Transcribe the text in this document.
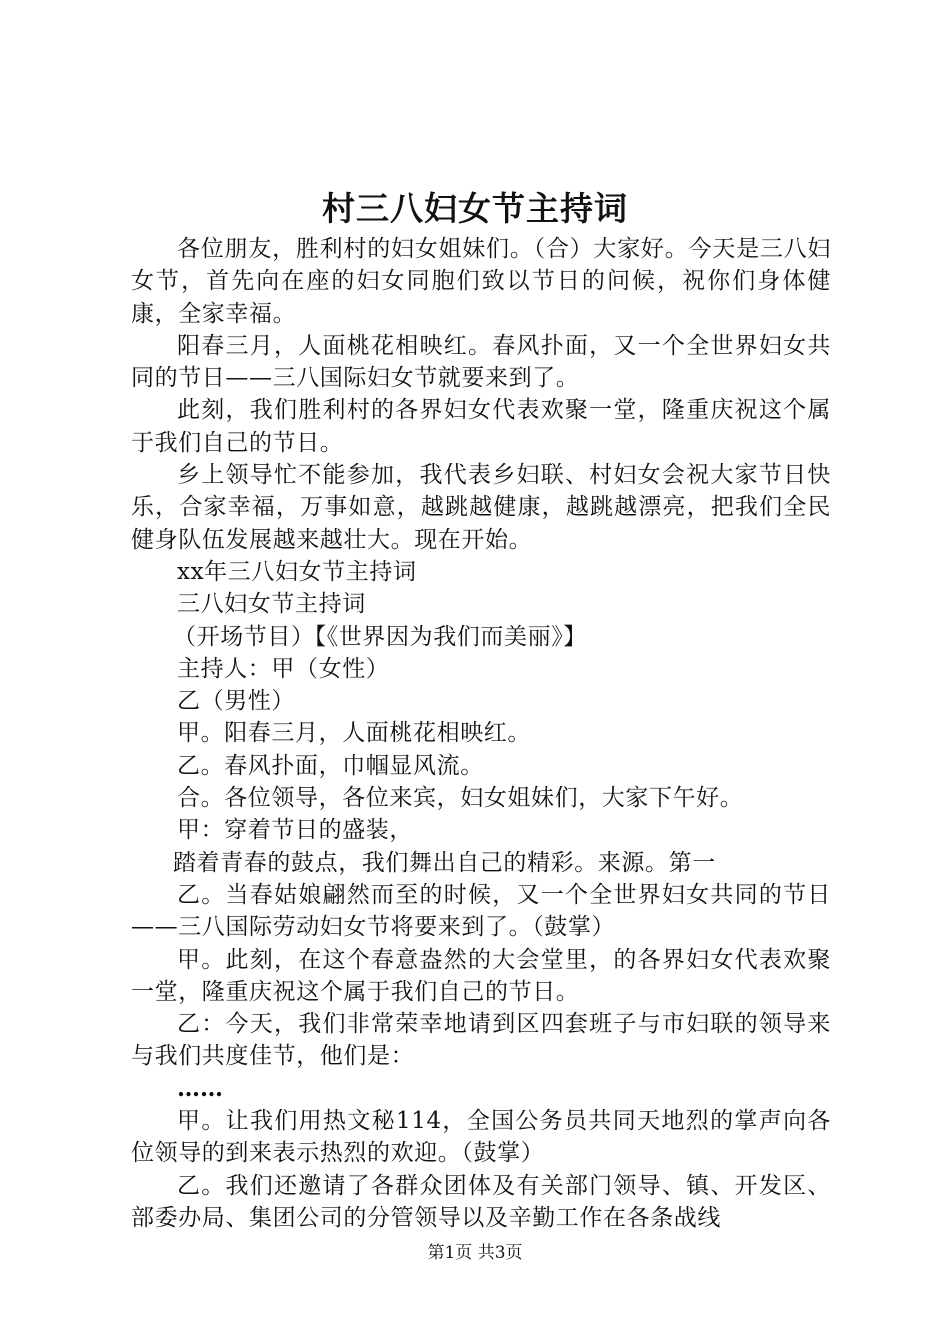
村三八妇女节主持词

各位朋友，胜利村的妇女姐妹们。（合）大家好。今天是三八妇女节，首先向在座的妇女同胞们致以节日的问候，祝你们身体健康，全家幸福。

阳春三月，人面桃花相映红。春风扑面，又一个全世界妇女共同的节日——三八国际妇女节就要来到了。

此刻，我们胜利村的各界妇女代表欢聚一堂，隆重庆祝这个属于我们自己的节日。

乡上领导忙不能参加，我代表乡妇联、村妇女会祝大家节日快乐，合家幸福，万事如意，越跳越健康，越跳越漂亮，把我们全民健身队伍发展越来越壮大。现在开始。

xx年三八妇女节主持词

三八妇女节主持词

（开场节目）【《世界因为我们而美丽》】

主持人：甲（女性）

乙（男性）

甲。阳春三月，人面桃花相映红。

乙。春风扑面，巾帼显风流。

合。各位领导，各位来宾，妇女姐妹们，大家下午好。

甲：穿着节日的盛装，

踏着青春的鼓点，我们舞出自己的精彩。来源。第一

乙。当春姑娘翩然而至的时候，又一个全世界妇女共同的节日——三八国际劳动妇女节将要来到了。（鼓掌）

甲。此刻，在这个春意盎然的大会堂里，的各界妇女代表欢聚一堂，隆重庆祝这个属于我们自己的节日。

乙：今天，我们非常荣幸地请到区四套班子与市妇联的领导来与我们共度佳节，他们是：

……

甲。让我们用热文秘114，全国公务员共同天地烈的掌声向各位领导的到来表示热烈的欢迎。（鼓掌）

乙。我们还邀请了各群众团体及有关部门领导、镇、开发区、部委办局、集团公司的分管领导以及辛勤工作在各条战线

第1页 共3页
